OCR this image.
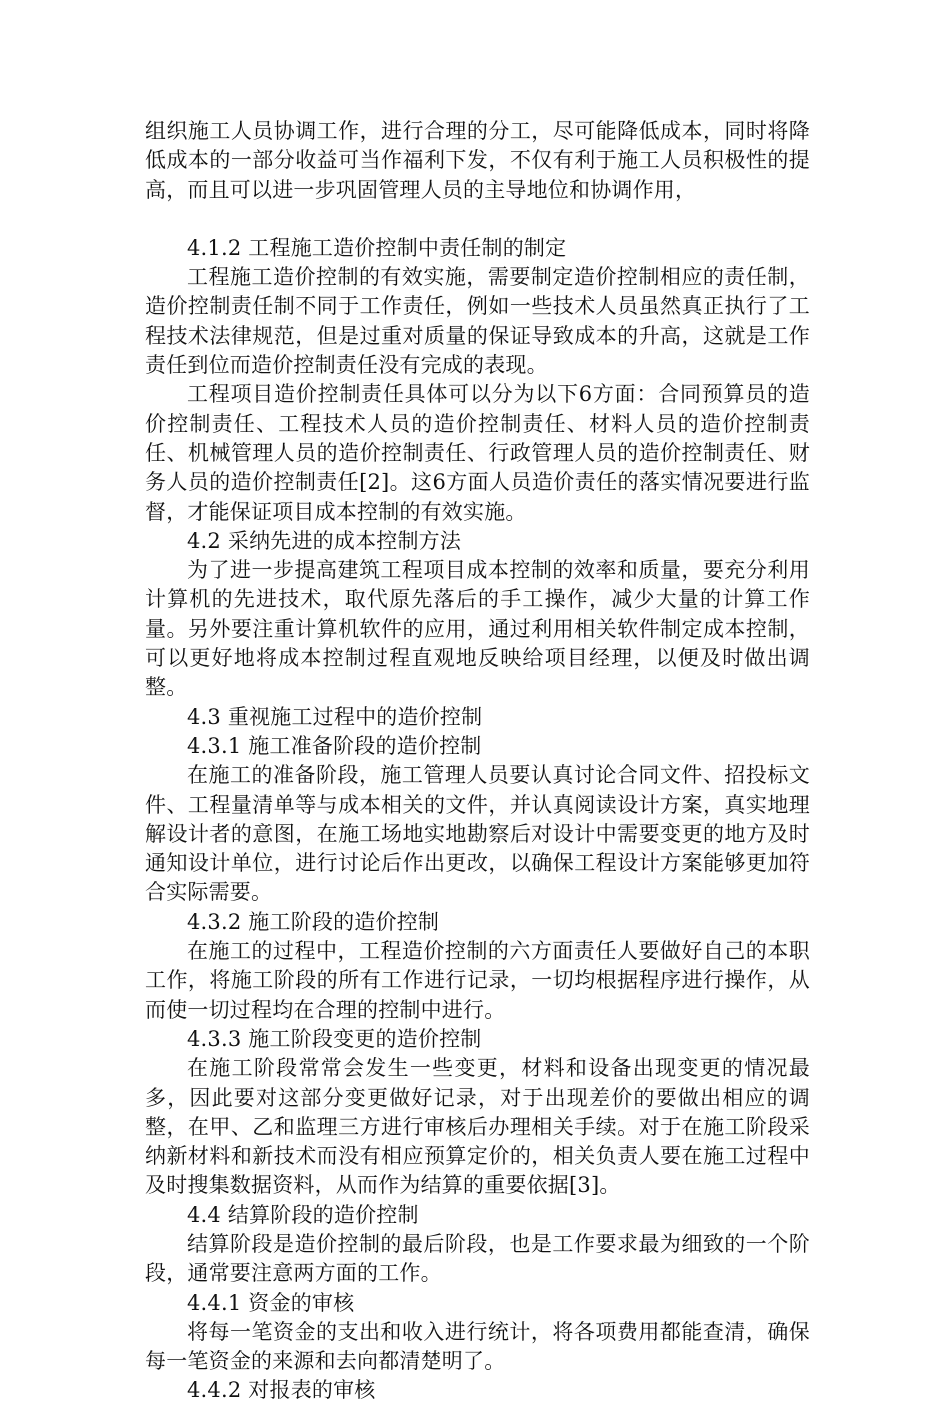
组织施工人员协调工作，进行合理的分工，尽可能降低成本，同时将降低成本的一部分收益可当作福利下发，不仅有利于施工人员积极性的提高，而且可以进一步巩固管理人员的主导地位和协调作用，

4.1.2 工程施工造价控制中责任制的制定

工程施工造价控制的有效实施，需要制定造价控制相应的责任制，造价控制责任制不同于工作责任，例如一些技术人员虽然真正执行了工程技术法律规范，但是过重对质量的保证导致成本的升高，这就是工作责任到位而造价控制责任没有完成的表现。

工程项目造价控制责任具体可以分为以下6方面：合同预算员的造价控制责任、工程技术人员的造价控制责任、材料人员的造价控制责任、机械管理人员的造价控制责任、行政管理人员的造价控制责任、财务人员的造价控制责任[2]。这6方面人员造价责任的落实情况要进行监督，才能保证项目成本控制的有效实施。

4.2 采纳先进的成本控制方法

为了进一步提高建筑工程项目成本控制的效率和质量，要充分利用计算机的先进技术，取代原先落后的手工操作，减少大量的计算工作量。另外要注重计算机软件的应用，通过利用相关软件制定成本控制，可以更好地将成本控制过程直观地反映给项目经理，以便及时做出调整。

4.3 重视施工过程中的造价控制

4.3.1 施工准备阶段的造价控制

在施工的准备阶段，施工管理人员要认真讨论合同文件、招投标文件、工程量清单等与成本相关的文件，并认真阅读设计方案，真实地理解设计者的意图，在施工场地实地勘察后对设计中需要变更的地方及时通知设计单位，进行讨论后作出更改，以确保工程设计方案能够更加符合实际需要。

4.3.2 施工阶段的造价控制

在施工的过程中，工程造价控制的六方面责任人要做好自己的本职工作，将施工阶段的所有工作进行记录，一切均根据程序进行操作，从而使一切过程均在合理的控制中进行。

4.3.3 施工阶段变更的造价控制

在施工阶段常常会发生一些变更，材料和设备出现变更的情况最多，因此要对这部分变更做好记录，对于出现差价的要做出相应的调整，在甲、乙和监理三方进行审核后办理相关手续。对于在施工阶段采纳新材料和新技术而没有相应预算定价的，相关负责人要在施工过程中及时搜集数据资料，从而作为结算的重要依据[3]。

4.4 结算阶段的造价控制

结算阶段是造价控制的最后阶段，也是工作要求最为细致的一个阶段，通常要注意两方面的工作。

4.4.1 资金的审核

将每一笔资金的支出和收入进行统计，将各项费用都能查清，确保每一笔资金的来源和去向都清楚明了。

4.4.2 对报表的审核
